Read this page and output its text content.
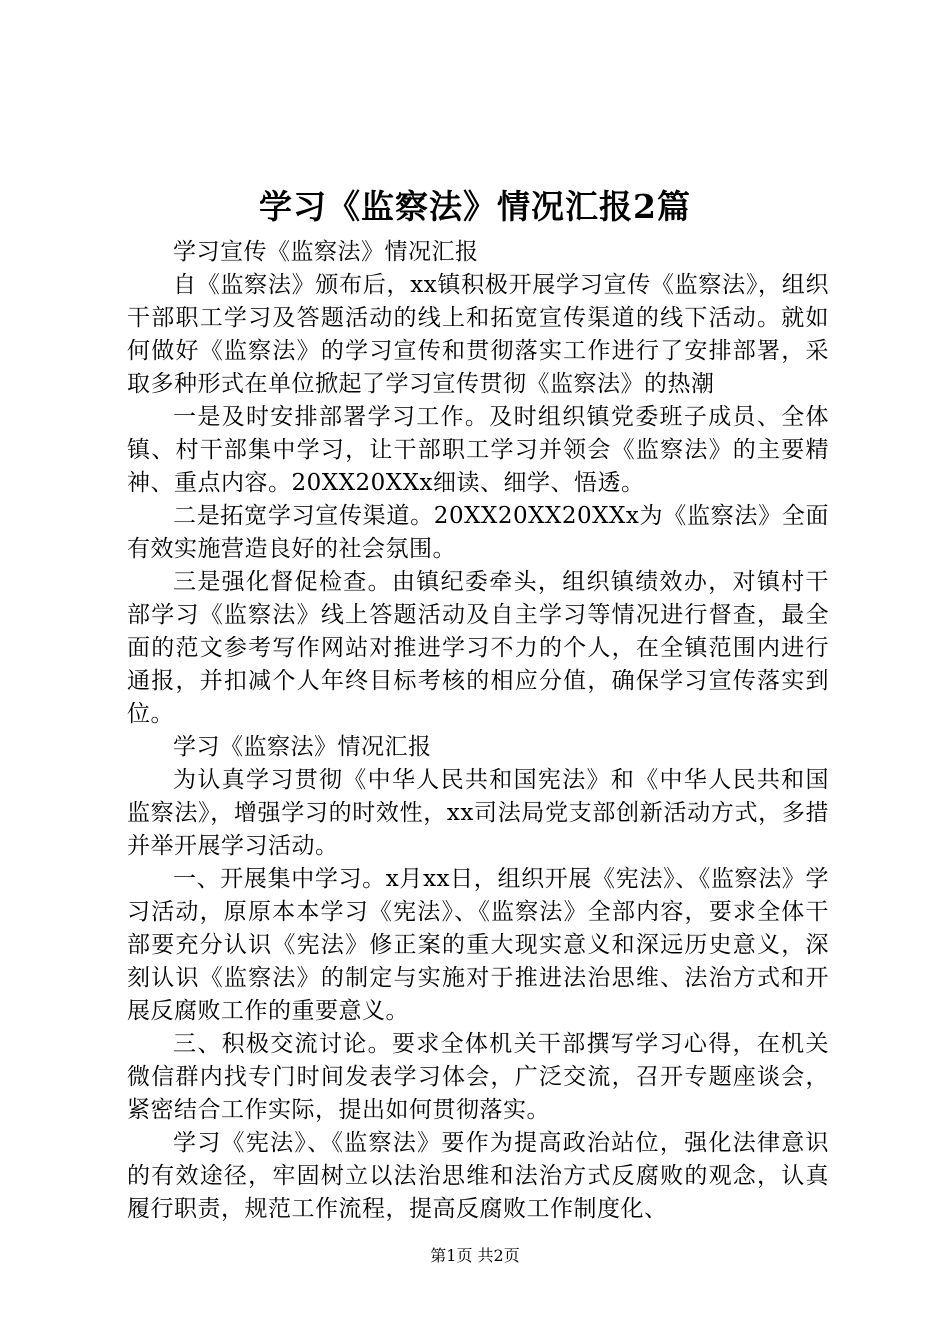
学习《监察法》情况汇报2篇

学习宣传《监察法》情况汇报

自《监察法》颁布后，xx镇积极开展学习宣传《监察法》，组织干部职工学习及答题活动的线上和拓宽宣传渠道的线下活动。就如何做好《监察法》的学习宣传和贯彻落实工作进行了安排部署，采取多种形式在单位掀起了学习宣传贯彻《监察法》的热潮

一是及时安排部署学习工作。及时组织镇党委班子成员、全体镇、村干部集中学习，让干部职工学习并领会《监察法》的主要精神、重点内容。20XX20XXx细读、细学、悟透。

二是拓宽学习宣传渠道。20XX20XX20XXx为《监察法》全面有效实施营造良好的社会氛围。

三是强化督促检查。由镇纪委牵头，组织镇绩效办，对镇村干部学习《监察法》线上答题活动及自主学习等情况进行督查，最全面的范文参考写作网站对推进学习不力的个人，在全镇范围内进行通报，并扣减个人年终目标考核的相应分值，确保学习宣传落实到位。

学习《监察法》情况汇报

为认真学习贯彻《中华人民共和国宪法》和《中华人民共和国监察法》，增强学习的时效性，xx司法局党支部创新活动方式，多措并举开展学习活动。

一、开展集中学习。x月xx日，组织开展《宪法》、《监察法》学习活动，原原本本学习《宪法》、《监察法》全部内容，要求全体干部要充分认识《宪法》修正案的重大现实意义和深远历史意义，深刻认识《监察法》的制定与实施对于推进法治思维、法治方式和开展反腐败工作的重要意义。

三、积极交流讨论。要求全体机关干部撰写学习心得，在机关微信群内找专门时间发表学习体会，广泛交流，召开专题座谈会，紧密结合工作实际，提出如何贯彻落实。

学习《宪法》、《监察法》要作为提高政治站位，强化法律意识的有效途径，牢固树立以法治思维和法治方式反腐败的观念，认真履行职责，规范工作流程，提高反腐败工作制度化、

第1页 共2页
